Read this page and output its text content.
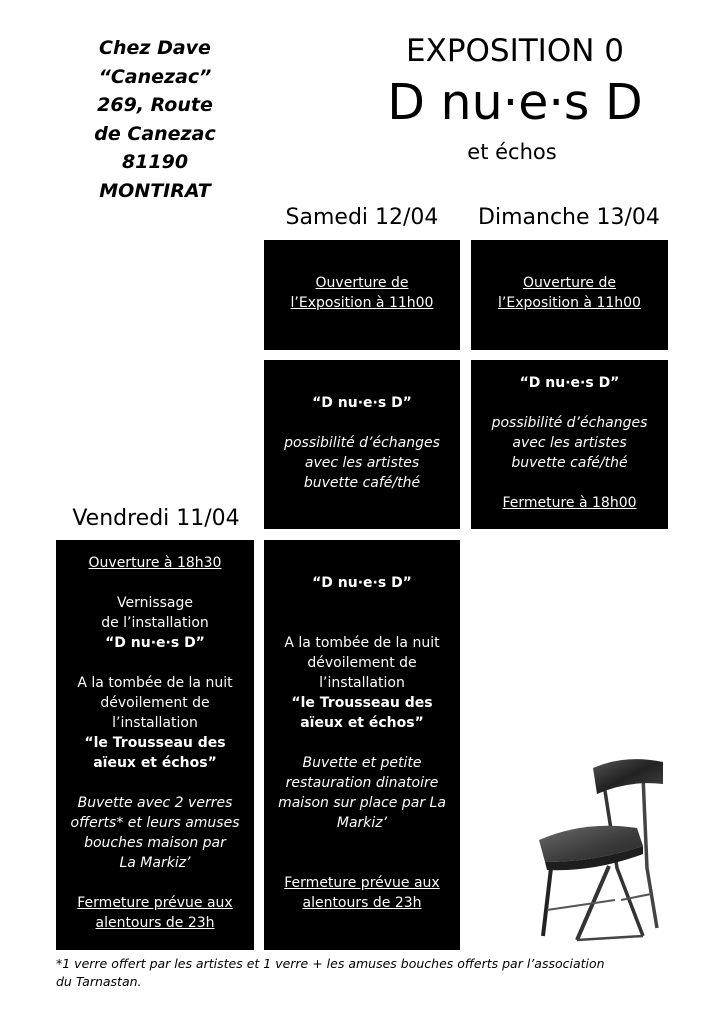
Chez Dave
“Canezac”
269, Route
de Canezac
81190
MONTIRAT
EXPOSITION 0
D nu·e·s D
et échos
Samedi 12/04	Dimanche 13/04
Vendredi 11/04
Ouverture de
l’Exposition à 11h00
Ouverture de
l’Exposition à 11h00
“D nu·e·s D”
possibilité d’échanges
avec les artistes
buvette café/thé
“D nu·e·s D”
possibilité d’échanges
avec les artistes
buvette café/thé
Fermeture à 18h00
Ouverture à 18h30
Vernissage
de l’installation
“D nu·e·s D”
A la tombée de la nuit
dévoilement de
l’installation
“le Trousseau des
aïeux et échos”
Buvette avec 2 verres
offerts* et leurs amuses
bouches maison par
La Markiz’
Fermeture prévue aux
alentours de 23h
“D nu·e·s D”
A la tombée de la nuit
dévoilement de
l’installation
“le Trousseau des
aïeux et échos”
Buvette et petite
restauration dinatoire
maison sur place par La
Markiz’
Fermeture prévue aux
alentours de 23h
*1 verre offert par les artistes et 1 verre + les amuses bouches offerts par l’association
du Tarnastan.
